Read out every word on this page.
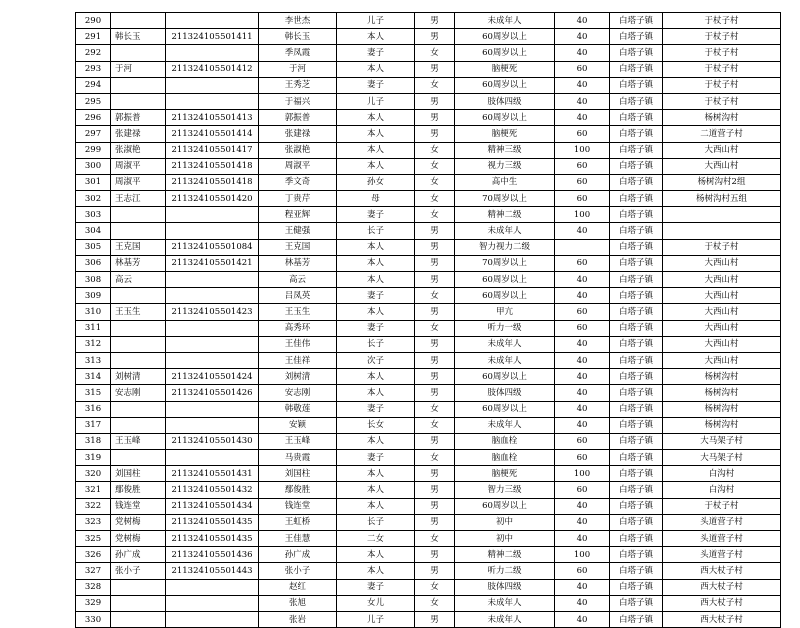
290			李世杰	儿子	男	未成年人	40	白塔子镇	于杖子村
291	韩长玉	211324105501411	韩长玉	本人	男	60周岁以上	40	白塔子镇	于杖子村
292			季凤霞	妻子	女	60周岁以上	40	白塔子镇	于杖子村
293	于河	211324105501412	于河	本人	男	脑梗死	60	白塔子镇	于杖子村
294			王秀芝	妻子	女	60周岁以上	40	白塔子镇	于杖子村
295			于福兴	儿子	男	肢体四级	40	白塔子镇	于杖子村
296	郭振普	211324105501413	郭振普	本人	男	60周岁以上	40	白塔子镇	杨树沟村
297	张建禄	211324105501414	张建禄	本人	男	脑梗死	60	白塔子镇	二道营子村
299	张淑艳	211324105501417	张淑艳	本人	女	精神三级	100	白塔子镇	大西山村
300	周淑平	211324105501418	周淑平	本人	女	视力三级	60	白塔子镇	大西山村
301	周淑平	211324105501418	季文奇	孙女	女	高中生	60	白塔子镇	杨树沟村2组
302	王志江	211324105501420	丁贵芹	母	女	70周岁以上	60	白塔子镇	杨树沟村五组
303			程亚辉	妻子	女	精神二级	100	白塔子镇	
304			王健强	长子	男	未成年人	40	白塔子镇	
305	王克国	211324105501084	王克国	本人	男	智力视力二级		白塔子镇	于杖子村
306	林基芳	211324105501421	林基芳	本人	男	70周岁以上	60	白塔子镇	大西山村
308	高云		高云	本人	男	60周岁以上	40	白塔子镇	大西山村
309			吕凤英	妻子	女	60周岁以上	40	白塔子镇	大西山村
310	王玉生	211324105501423	王玉生	本人	男	甲亢	60	白塔子镇	大西山村
311			高秀环	妻子	女	听力一级	60	白塔子镇	大西山村
312			王佳伟	长子	男	未成年人	40	白塔子镇	大西山村
313			王佳祥	次子	男	未成年人	40	白塔子镇	大西山村
314	刘树清	211324105501424	刘树清	本人	男	60周岁以上	40	白塔子镇	杨树沟村
315	安志刚	211324105501426	安志刚	本人	男	肢体四级	40	白塔子镇	杨树沟村
316			韩敬莲	妻子	女	60周岁以上	40	白塔子镇	杨树沟村
317			安颖	长女	女	未成年人	40	白塔子镇	杨树沟村
318	王玉峰	211324105501430	王玉峰	本人	男	脑血栓	60	白塔子镇	大马架子村
319			马贵霞	妻子	女	脑血栓	60	白塔子镇	大马架子村
320	刘国柱	211324105501431	刘国柱	本人	男	脑梗死	100	白塔子镇	白沟村
321	鄢俊胜	211324105501432	鄢俊胜	本人	男	智力三级	60	白塔子镇	白沟村
322	钱连堂	211324105501434	钱连堂	本人	男	60周岁以上	40	白塔子镇	于杖子村
323	党树梅	211324105501435	王虹桥	长子	男	初中	40	白塔子镇	头道营子村
325	党树梅	211324105501435	王佳慧	二女	女	初中	40	白塔子镇	头道营子村
326	孙广成	211324105501436	孙广成	本人	男	精神二级	100	白塔子镇	头道营子村
327	张小子	211324105501443	张小子	本人	男	听力二级	60	白塔子镇	西大杖子村
328			赵红	妻子	女	肢体四级	40	白塔子镇	西大杖子村
329			张旭	女儿	女	未成年人	40	白塔子镇	西大杖子村
330			张岩	儿子	男	未成年人	40	白塔子镇	西大杖子村
